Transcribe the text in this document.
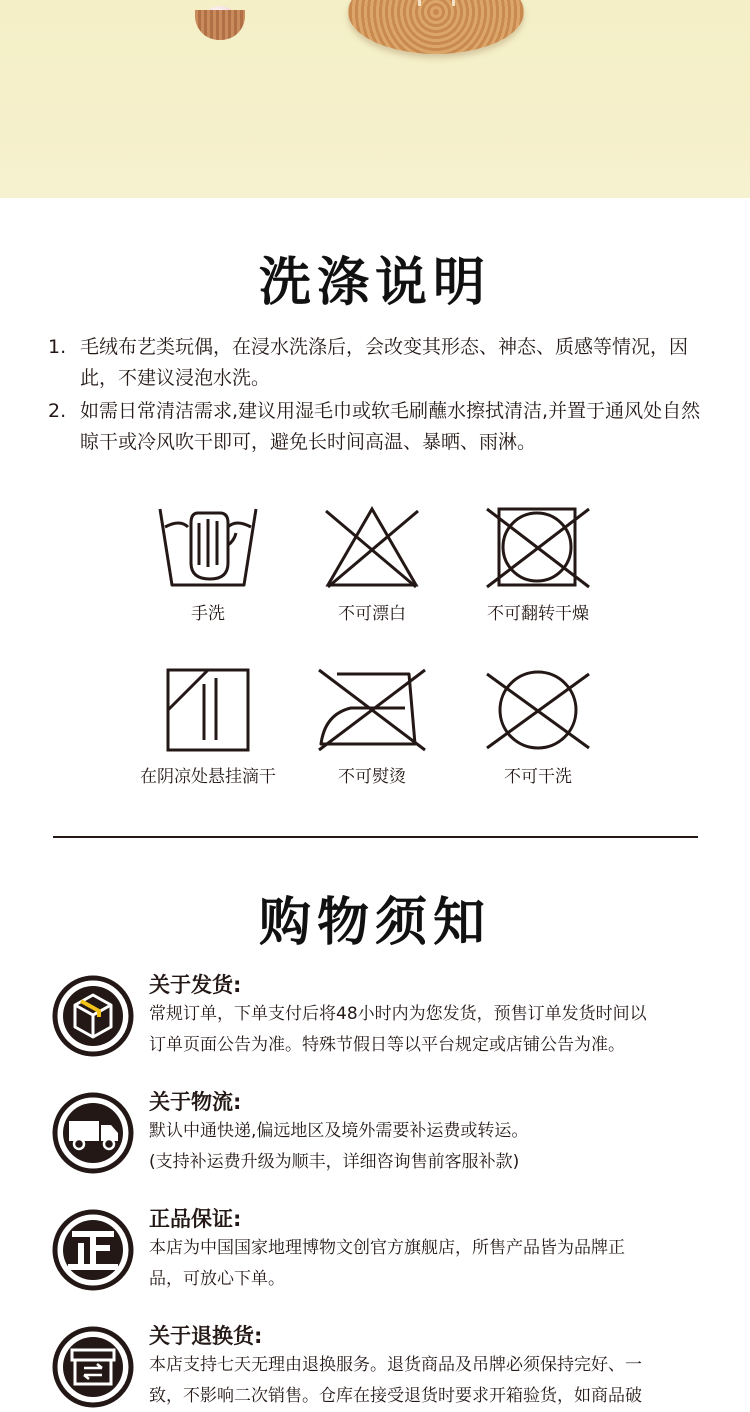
洗涤说明
1. 毛绒布艺类玩偶，在浸水洗涤后，会改变其形态、神态、质感等情况，因此，不建议浸泡水洗。
2. 如需日常清洁需求,建议用湿毛巾或软毛刷蘸水擦拭清洁,并置于通风处自然晾干或冷风吹干即可，避免长时间高温、暴晒、雨淋。
手洗	不可漂白	不可翻转干燥
在阴凉处悬挂滴干	不可熨烫	不可干洗
购物须知
关于发货:

常规订单，下单支付后将48小时内为您发货，预售订单发货时间以

订单页面公告为准。特殊节假日等以平台规定或店铺公告为准。

关于物流:

默认中通快递,偏远地区及境外需要补运费或转运。

(支持补运费升级为顺丰，详细咨询售前客服补款)

正品保证:

本店为中国国家地理博物文创官方旗舰店，所售产品皆为品牌正

品，可放心下单。

关于退换货:

本店支持七天无理由退换服务。退货商品及吊牌必须保持完好、一

致，不影响二次销售。仓库在接受退货时要求开箱验货，如商品破
